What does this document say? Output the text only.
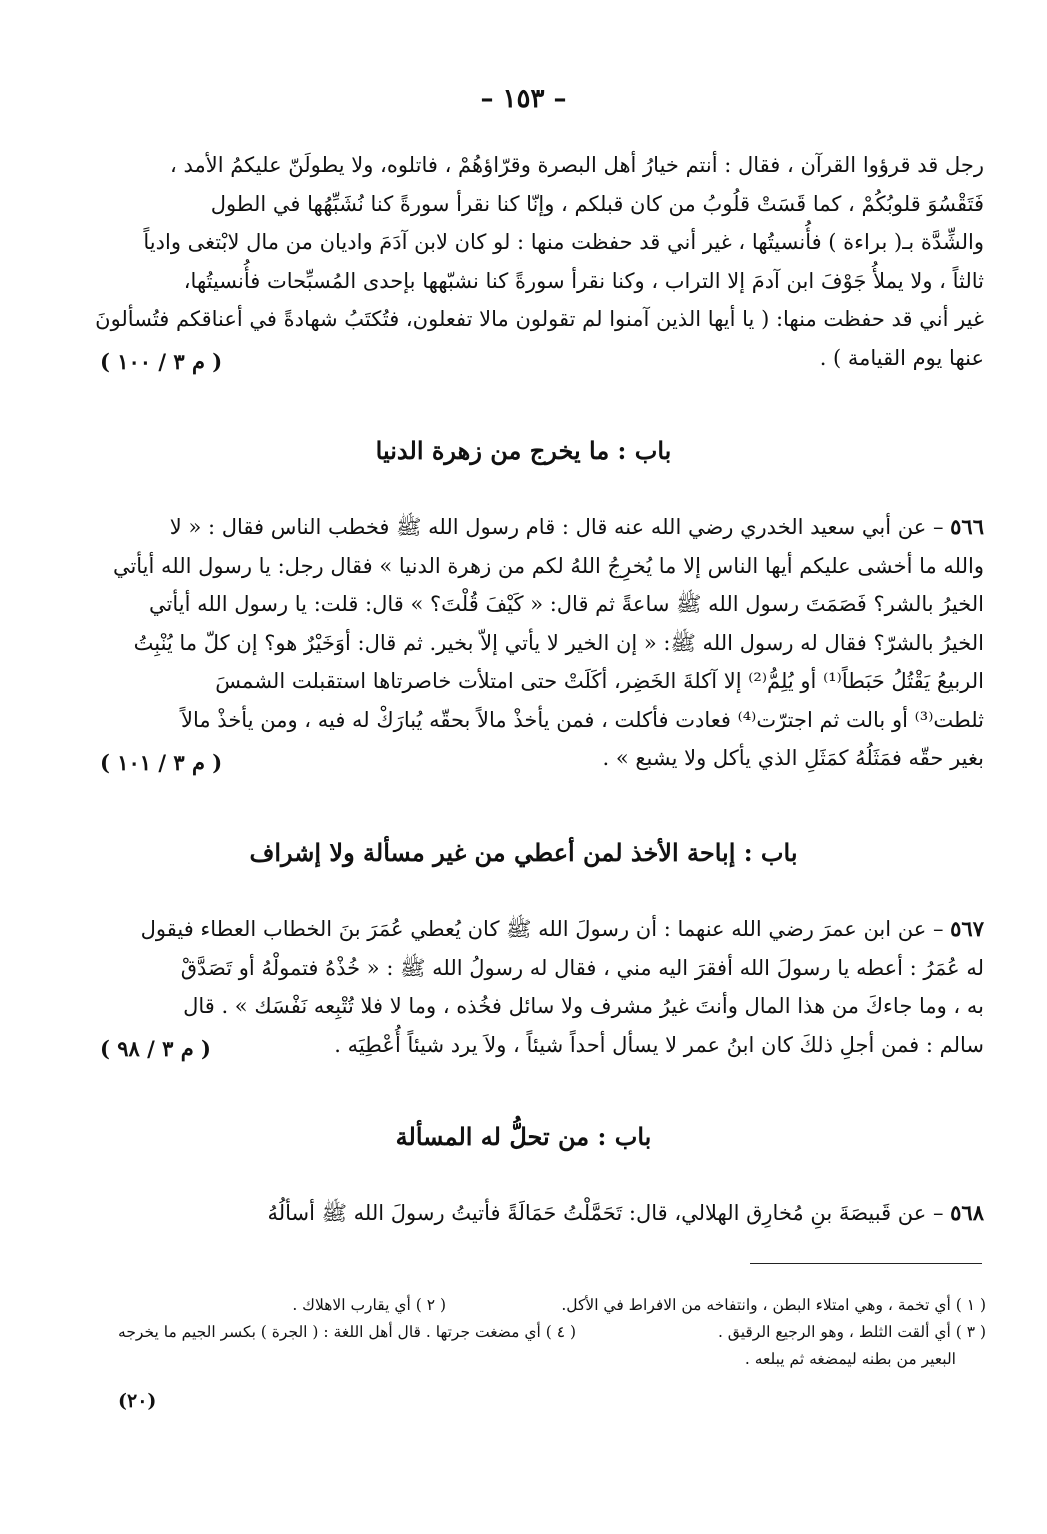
– ١٥٣ –

رجل قد قرؤوا القرآن ، فقال : أنتم خيارُ أهل البصرة وقرّاؤهُمْ ، فاتلوه، ولا يطولَنّ عليكمُ الأمد ،

فَتَقْسُوَ قلوبُكُمْ ، كما قَسَتْ قلُوبُ من كان قبلكم ، وإنّا كنا نقرأ سورةً كنا نُشَبِّهُها في الطول

والشِّدَّة بـ( براءة ) فأُنسيتُها ، غير أني قد حفظت منها : لو كان لابن آدَمَ واديان من مال لابْتغى وادياً

ثالثاً ، ولا يملأُ جَوْفَ ابن آدمَ إلا التراب ، وكنا نقرأ سورةً كنا نشبّهها بإحدى المُسبِّحات فأُنسيتُها،

غير أني قد حفظت منها: ( يا أيها الذين آمنوا لم تقولون مالا تفعلون، فتُكتَبُ شهادةً في أعناقكم فتُسألونَ

عنها يوم القيامة ) .

( م ٣ / ١٠٠ )
باب : ما يخرج من زهرة الدنيا

٥٦٦ – عن أبي سعيد الخدري رضي الله عنه قال : قام رسول الله ﷺ فخطب الناس فقال : « لا

والله ما أخشى عليكم أيها الناس إلا ما يُخرِجُ اللهُ لكم من زهرة الدنيا » فقال رجل: يا رسول الله أيأتي

الخيرُ بالشر؟ فَصَمَتَ رسول الله ﷺ ساعةً ثم قال: « كَيْفَ قُلْتَ؟ » قال: قلت: يا رسول الله أيأتي

الخيرُ بالشرّ؟ فقال له رسول الله ﷺ: « إن الخير لا يأتي إلاّ بخير. ثم قال: أوَخَيْرٌ هو؟ إن كلّ ما يُنْبِتُ

الربيعُ يَقْتُلُ حَبَطاً⁽¹⁾ أو يُلِمُّ⁽²⁾ إلا آكلةَ الخَضِر، أكَلَتْ حتى امتلأت خاصرتاها استقبلت الشمسَ

ثلطت⁽³⁾ أو بالت ثم اجترّت⁽⁴⁾ فعادت فأكلت ، فمن يأخذْ مالاً بحقّه يُبارَكْ له فيه ، ومن يأخذْ مالاً

بغير حقّه فمَثَلُهُ كمَثَلِ الذي يأكل ولا يشبع » .

( م ٣ / ١٠١ )
باب : إباحة الأخذ لمن أعطي من غير مسألة ولا إشراف

٥٦٧ – عن ابن عمرَ رضي الله عنهما : أن رسولَ الله ﷺ كان يُعطي عُمَرَ بنَ الخطاب العطاء فيقول

له عُمَرُ : أعطه يا رسولَ الله أفقرَ اليه مني ، فقال له رسولُ الله ﷺ : « خُذْهُ فتمولْهُ أو تَصَدَّقْ

به ، وما جاءكَ من هذا المال وأنتَ غيرُ مشرف ولا سائل فخُذه ، وما لا فلا تُتْبِعه نَفْسَك » . قال

سالم : فمن أجلِ ذلكَ كان ابنُ عمر لا يسأل أحداً شيئاً ، ولاَ يرد شيئاً أُعْطِيَه .

( م ٣ / ٩٨ )
باب : من تحلُّ له المسألة

٥٦٨ – عن قَبيصَةَ بنِ مُخارِق الهلالي، قال: تَحَمَّلْتُ حَمَالَةً فأتيتُ رسولَ الله ﷺ أسألُهُ

( ١ ) أي تخمة ، وهي امتلاء البطن ، وانتفاخه من الافراط في الأكل.
( ٢ ) أي يقارب الاهلاك .
( ٣ ) أي ألقت الثلط ، وهو الرجيع الرقيق .
( ٤ ) أي مضغت جرتها . قال أهل اللغة : ( الجرة ) بكسر الجيم ما يخرجه
البعير من بطنه ليمضغه ثم يبلعه .
(٢٠)
